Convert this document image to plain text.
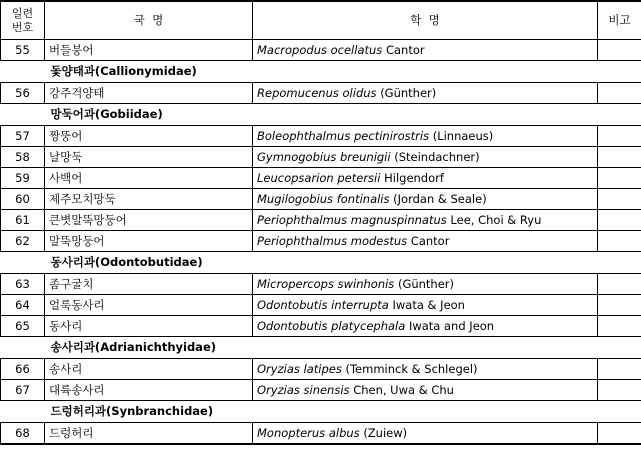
일련
번호	국  명	학  명	비고
55	버들붕어	Macropodus ocellatus Cantor	
돛양태과(Callionymidae)			
56	강주걱양태	Repomucenus olidus (Günther)	
망둑어과(Gobiidae)			
57	짱뚱어	Boleophthalmus pectinirostris (Linnaeus)	
58	날망둑	Gymnogobius breunigii (Steindachner)	
59	사백어	Leucopsarion petersii Hilgendorf	
60	제주모치망둑	Mugilogobius fontinalis (Jordan & Seale)	
61	큰볏말뚝망둥어	Periophthalmus magnuspinnatus Lee, Choi & Ryu	
62	말뚝망둥어	Periophthalmus modestus Cantor	
동사리과(Odontobutidae)			
63	좀구굴치	Micropercops swinhonis (Günther)	
64	얼룩동사리	Odontobutis interrupta Iwata & Jeon	
65	동사리	Odontobutis platycephala Iwata and Jeon	
송사리과(Adrianichthyidae)			
66	송사리	Oryzias latipes (Temminck & Schlegel)	
67	대륙송사리	Oryzias sinensis Chen, Uwa & Chu	
드렁허리과(Synbranchidae)			
68	드렁허리	Monopterus albus (Zuiew)	
